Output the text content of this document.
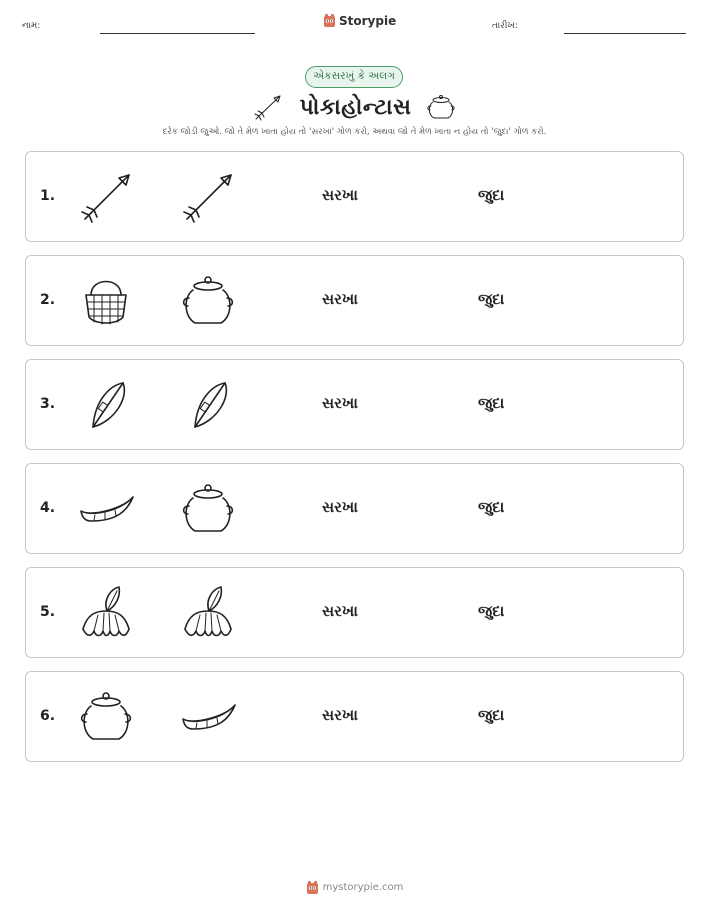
નામ:	Storypie	તારીખ:
એકસરખું કે અલગ
પોકાહોન્ટાસ
દરેક જોડી જુઓ. જો તે મેળ ખાતા હોય તો 'સરખા' ગોળ કરો, અથવા જો તે મેળ ખાતા ન હોય તો 'જુદા' ગોળ કરો.
1.	સરખા	જુદા
2.	સરખા	જુદા
3.	સરખા	જુદા
4.	સરખા	જુદા
5.	સરખા	જુદા
6.	સરખા	જુદા
mystorypie.com
